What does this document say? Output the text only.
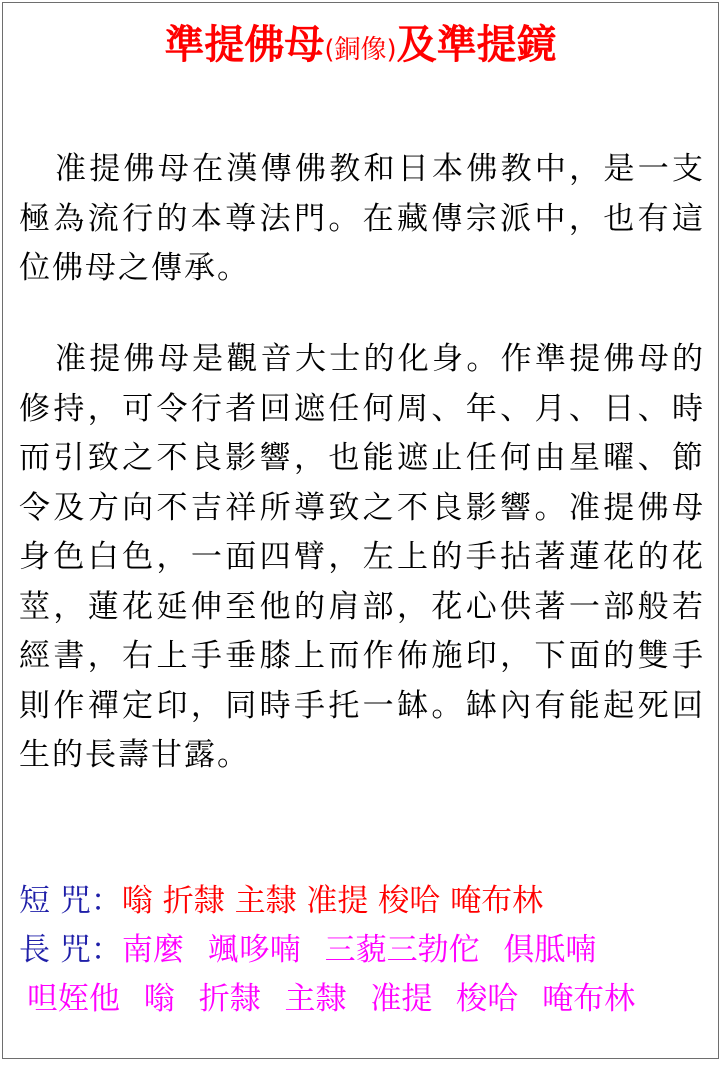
準提佛母(銅像)及準提鏡

准提佛母在漢傳佛教和日本佛教中，是一支極為流行的本尊法門。在藏傳宗派中，也有這位佛母之傳承。

准提佛母是觀音大士的化身。作準提佛母的修持，可令行者回遮任何周、年、月、日、時而引致之不良影響，也能遮止任何由星曜、節令及方向不吉祥所導致之不良影響。准提佛母身色白色，一面四臂，左上的手拈著蓮花的花莖，蓮花延伸至他的肩部，花心供著一部般若經書，右上手垂膝上而作佈施印，下面的雙手則作禪定印，同時手托一缽。缽內有能起死回生的長壽甘露。

短 咒：嗡 折隸 主隸 准提 梭哈 唵布林

長 咒：南麼 颯哆喃 三藐三勃佗 俱胝喃

呾姪他 嗡 折隸 主隸 准提 梭哈 唵布林
